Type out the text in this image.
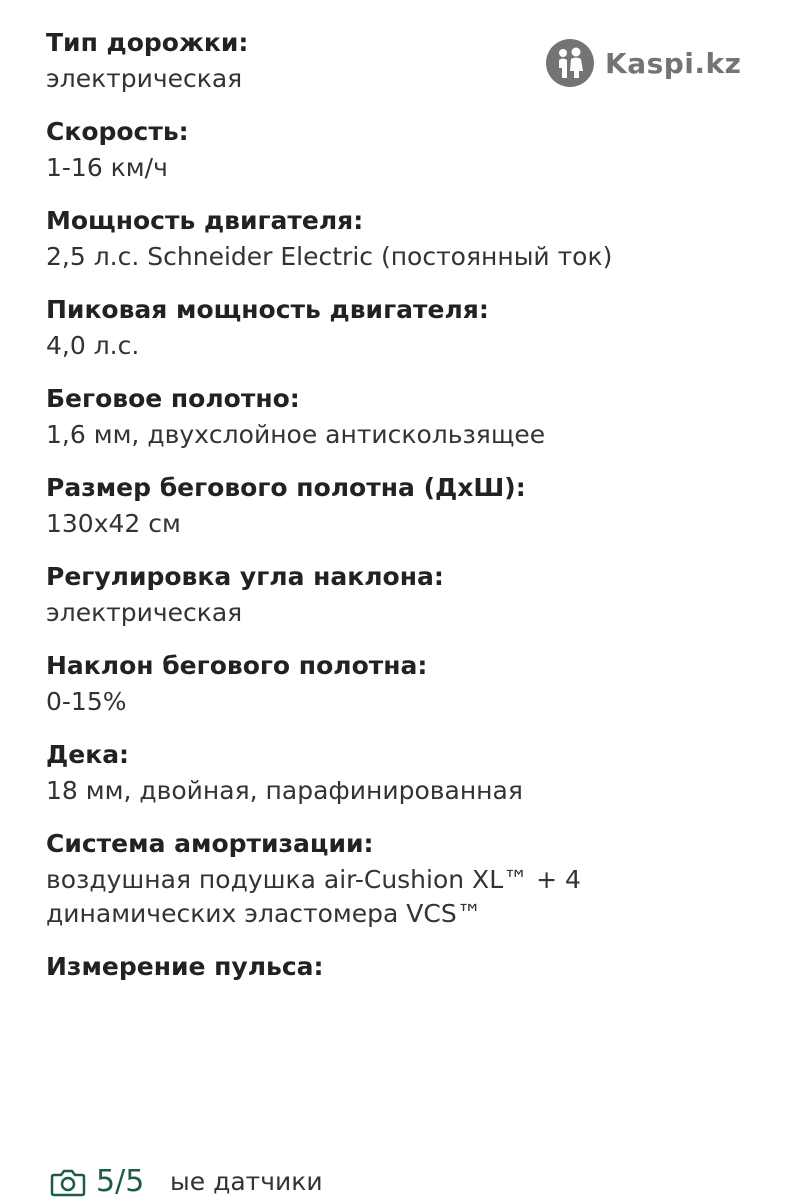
Kaspi.kz
Тип дорожки:
электрическая
Скорость:
1-16 км/ч
Мощность двигателя:
2,5 л.с. Schneider Electric (постоянный ток)
Пиковая мощность двигателя:
4,0 л.с.
Беговое полотно:
1,6 мм, двухслойное антискользящее
Размер бегового полотна (ДхШ):
130x42 см
Регулировка угла наклона:
электрическая
Наклон бегового полотна:
0-15%
Дека:
18 мм, двойная, парафинированная
Система амортизации:
воздушная подушка air-Cushion XL™ + 4 динамических эластомера VCS™
Измерение пульса:
5/5 ые датчики
